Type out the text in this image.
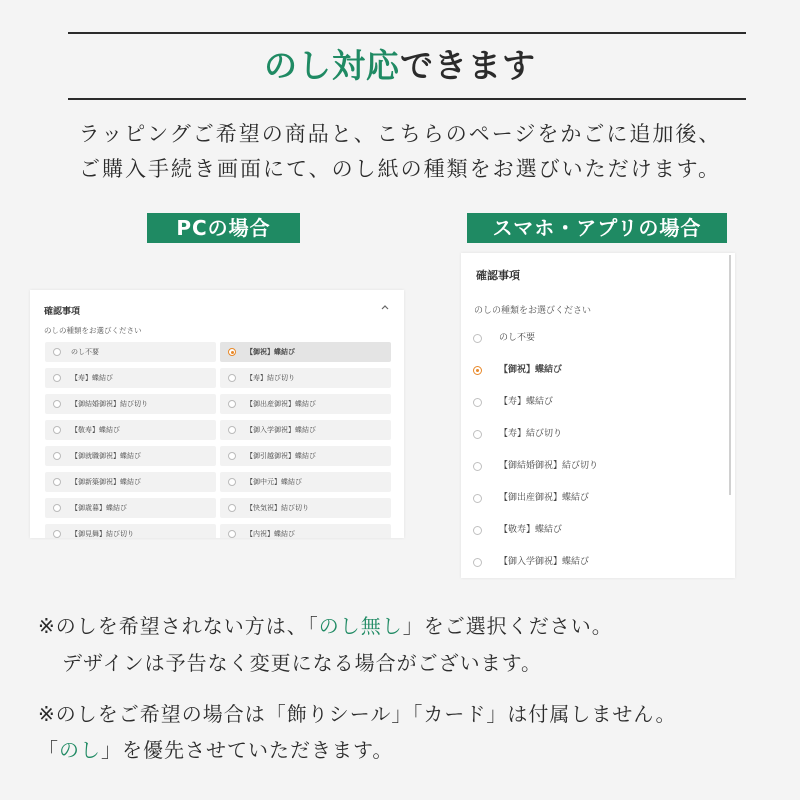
のし対応できます
ラッピングご希望の商品と、こちらのページをかごに追加後、
ご購入手続き画面にて、のし紙の種類をお選びいただけます。
PCの場合	スマホ・アプリの場合
確認事項
のしの種類をお選びください
のし不要	【御祝】蝶結び
【寿】蝶結び	【寿】結び切り
【御結婚御祝】結び切り	【御出産御祝】蝶結び
【敬寿】蝶結び	【御入学御祝】蝶結び
【御就職御祝】蝶結び	【御引越御祝】蝶結び
【御新築御祝】蝶結び	【御中元】蝶結び
【御歳暮】蝶結び	【快気祝】結び切り
【御見舞】結び切り	【内祝】蝶結び
確認事項
のしの種類をお選びください
のし不要
【御祝】蝶結び
【寿】蝶結び
【寿】結び切り
【御結婚御祝】結び切り
【御出産御祝】蝶結び
【敬寿】蝶結び
【御入学御祝】蝶結び
※のしを希望されない方は、「のし無し」をご選択ください。
デザインは予告なく変更になる場合がございます。
※のしをご希望の場合は「飾りシール」「カード」は付属しません。
「のし」を優先させていただきます。
